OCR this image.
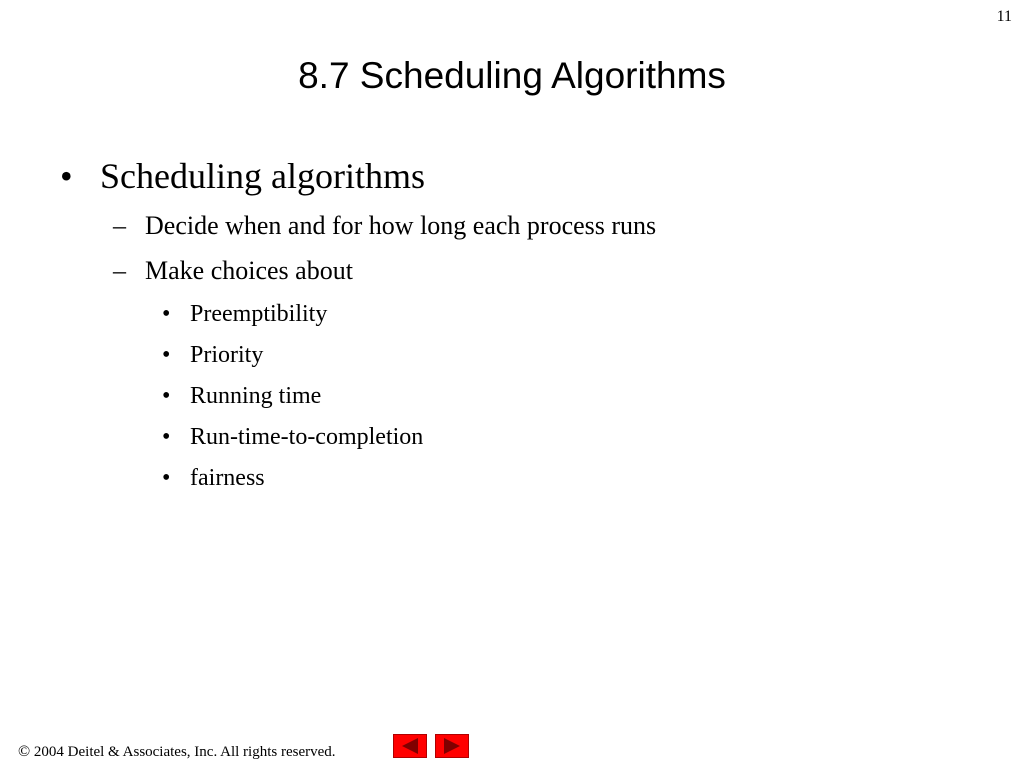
11
8.7 Scheduling Algorithms
• Scheduling algorithms
– Decide when and for how long each process runs
– Make choices about
• Preemptibility
• Priority
• Running time
• Run-time-to-completion
• fairness
© 2004 Deitel & Associates, Inc. All rights reserved.
